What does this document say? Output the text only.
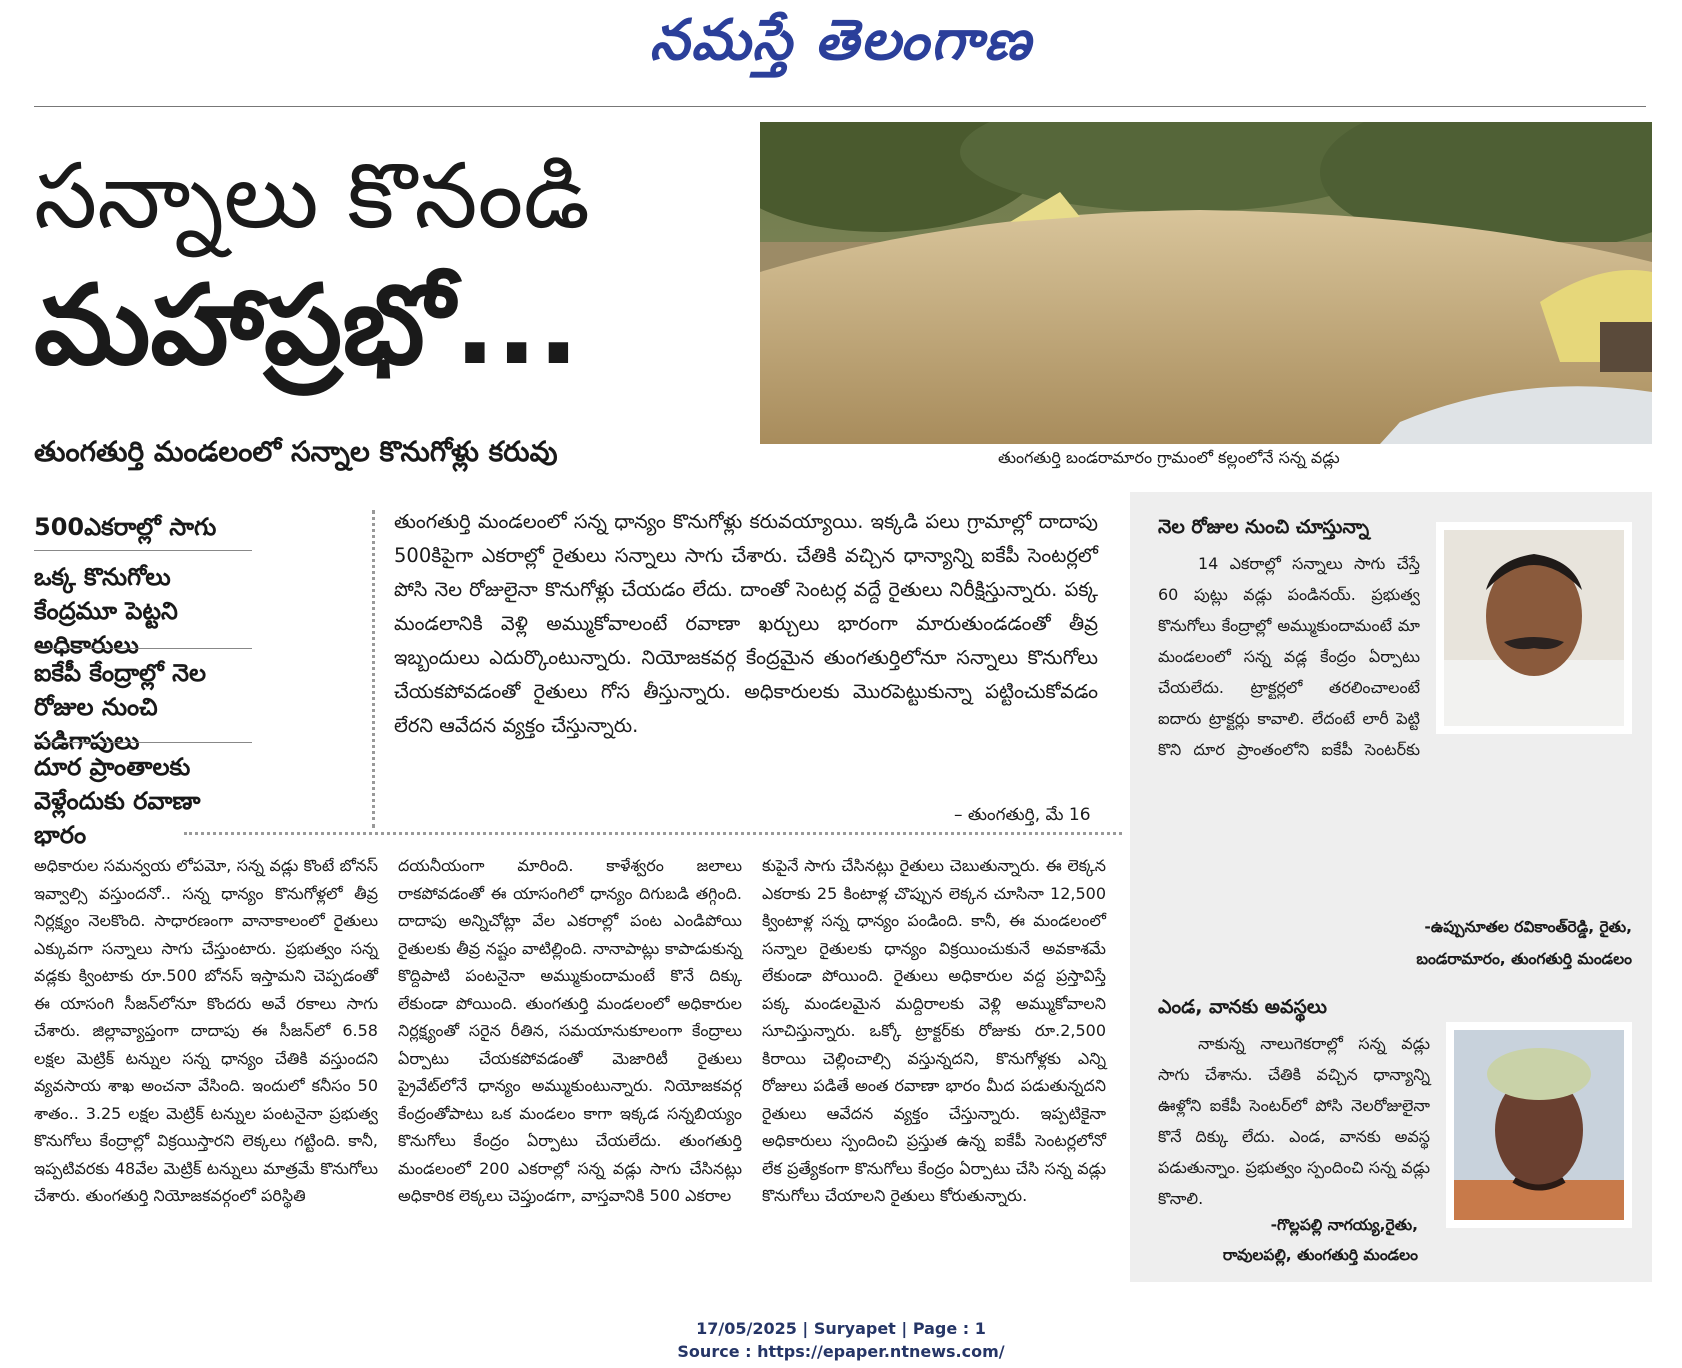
నమస్తే తెలంగాణ
సన్నాలు కొనండి
మహాప్రభో...
తుంగతుర్తి మండలంలో సన్నాల కొనుగోళ్లు కరువు	తుంగతుర్తి బండరామారం గ్రామంలో కల్లంలోనే సన్న వడ్లు
500ఎకరాల్లో సాగు
ఒక్క కొనుగోలు కేంద్రమూ పెట్టని అధికారులు
ఐకేపీ కేంద్రాల్లో నెల రోజుల నుంచి పడిగాపులు
దూర ప్రాంతాలకు వెళ్లేందుకు రవాణా భారం
తుంగతుర్తి మండలంలో సన్న ధాన్యం కొనుగోళ్లు కరువయ్యాయి. ఇక్కడి పలు గ్రామాల్లో దాదాపు 500కిపైగా ఎకరాల్లో రైతులు సన్నాలు సాగు చేశారు. చేతికి వచ్చిన ధాన్యాన్ని ఐకేపీ సెంటర్లలో పోసి నెల రోజులైనా కొనుగోళ్లు చేయడం లేదు. దాంతో సెంటర్ల వద్దే రైతులు నిరీక్షిస్తున్నారు. పక్క మండలానికి వెళ్లి అమ్ముకోవాలంటే రవాణా ఖర్చులు భారంగా మారుతుండడంతో తీవ్ర ఇబ్బందులు ఎదుర్కొంటున్నారు. నియోజకవర్గ కేంద్రమైన తుంగతుర్తిలోనూ సన్నాలు కొనుగోలు చేయకపోవడంతో రైతులు గోస తీస్తున్నారు. అధికారులకు మొరపెట్టుకున్నా పట్టించుకోవడం లేరని ఆవేదన వ్యక్తం చేస్తున్నారు.
– తుంగతుర్తి, మే 16
అధికారుల సమన్వయ లోపమో, సన్న వడ్లు కొంటే బోనస్ ఇవ్వాల్సి వస్తుందనో.. సన్న ధాన్యం కొనుగోళ్లలో తీవ్ర నిర్లక్ష్యం నెలకొంది. సాధారణంగా వానాకాలంలో రైతులు ఎక్కువగా సన్నాలు సాగు చేస్తుంటారు. ప్రభుత్వం సన్న వడ్లకు క్వింటాకు రూ.500 బోనస్ ఇస్తామని చెప్పడంతో ఈ యాసంగి సీజన్‌లోనూ కొందరు అవే రకాలు సాగు చేశారు. జిల్లావ్యాప్తంగా దాదాపు ఈ సీజన్‌లో 6.58 లక్షల మెట్రిక్ టన్నుల సన్న ధాన్యం చేతికి వస్తుందని వ్యవసాయ శాఖ అంచనా వేసింది. ఇందులో కనీసం 50 శాతం.. 3.25 లక్షల మెట్రిక్ టన్నుల పంటనైనా ప్రభుత్వ కొనుగోలు కేంద్రాల్లో విక్రయిస్తారని లెక్కలు గట్టింది. కానీ, ఇప్పటివరకు 48వేల మెట్రిక్ టన్నులు మాత్రమే కొనుగోలు చేశారు. తుంగతుర్తి నియోజకవర్గంలో పరిస్థితి
దయనీయంగా మారింది. కాళేశ్వరం జలాలు రాకపోవడంతో ఈ యాసంగిలో ధాన్యం దిగుబడి తగ్గింది. దాదాపు అన్నిచోట్లా వేల ఎకరాల్లో పంట ఎండిపోయి రైతులకు తీవ్ర నష్టం వాటిల్లింది. నానాపాట్లు కాపాడుకున్న కొద్దిపాటి పంటనైనా అమ్ముకుందామంటే కొనే దిక్కు లేకుండా పోయింది. తుంగతుర్తి మండలంలో అధికారుల నిర్లక్ష్యంతో సరైన రీతిన, సమయానుకూలంగా కేంద్రాలు ఏర్పాటు చేయకపోవడంతో మెజారిటీ రైతులు ప్రైవేట్‌లోనే ధాన్యం అమ్ముకుంటున్నారు. నియోజకవర్గ కేంద్రంతోపాటు ఒక మండలం కాగా ఇక్కడ సన్నబియ్యం కొనుగోలు కేంద్రం ఏర్పాటు చేయలేదు. తుంగతుర్తి మండలంలో 200 ఎకరాల్లో సన్న వడ్లు సాగు చేసినట్లు అధికారిక లెక్కలు చెప్తుండగా, వాస్తవానికి 500 ఎకరాల
కుపైనే సాగు చేసినట్లు రైతులు చెబుతున్నారు. ఈ లెక్కన ఎకరాకు 25 కింటాళ్ల చొప్పున లెక్కన చూసినా 12,500 క్వింటాళ్ల సన్న ధాన్యం పండింది. కానీ, ఈ మండలంలో సన్నాల రైతులకు ధాన్యం విక్రయించుకునే అవకాశమే లేకుండా పోయింది. రైతులు అధికారుల వద్ద ప్రస్తావిస్తే పక్క మండలమైన మద్దిరాలకు వెళ్లి అమ్ముకోవాలని సూచిస్తున్నారు. ఒక్కో ట్రాక్టర్‌కు రోజుకు రూ.2,500 కిరాయి చెల్లించాల్సి వస్తున్నదని, కొనుగోళ్లకు ఎన్ని రోజులు పడితే అంత రవాణా భారం మీద పడుతున్నదని రైతులు ఆవేదన వ్యక్తం చేస్తున్నారు. ఇప్పటికైనా అధికారులు స్పందించి ప్రస్తుత ఉన్న ఐకేపీ సెంటర్లలోనో లేక ప్రత్యేకంగా కొనుగోలు కేంద్రం ఏర్పాటు చేసి సన్న వడ్లు కొనుగోలు చేయాలని రైతులు కోరుతున్నారు.
నెల రోజుల నుంచి చూస్తున్నా
14 ఎకరాల్లో సన్నాలు సాగు చేస్తే 60 పుట్లు వడ్లు పండినయ్. ప్రభుత్వ కొనుగోలు కేంద్రాల్లో అమ్ముకుందామంటే మా మండలంలో సన్న వడ్ల కేంద్రం ఏర్పాటు చేయలేదు. ట్రాక్టర్లలో తరలించాలంటే ఐదారు ట్రాక్టర్లు కావాలి. లేదంటే లారీ పెట్టి కొని దూర ప్రాంతంలోని ఐకేపీ సెంటర్‌కు
-ఉప్పునూతల రవికాంత్‌రెడ్డి, రైతు,
బండరామారం, తుంగతుర్తి మండలం
ఎండ, వానకు అవస్థలు
నాకున్న నాలుగెకరాల్లో సన్న వడ్లు సాగు చేశాను. చేతికి వచ్చిన ధాన్యాన్ని ఊళ్లోని ఐకేపీ సెంటర్‌లో పోసి నెలరోజులైనా కొనే దిక్కు లేదు. ఎండ, వానకు అవస్థ పడుతున్నాం. ప్రభుత్వం స్పందించి సన్న వడ్లు కొనాలి.
-గొల్లపల్లి నాగయ్య,రైతు,
రావులపల్లి, తుంగతుర్తి మండలం
17/05/2025 | Suryapet | Page : 1
Source : https://epaper.ntnews.com/
